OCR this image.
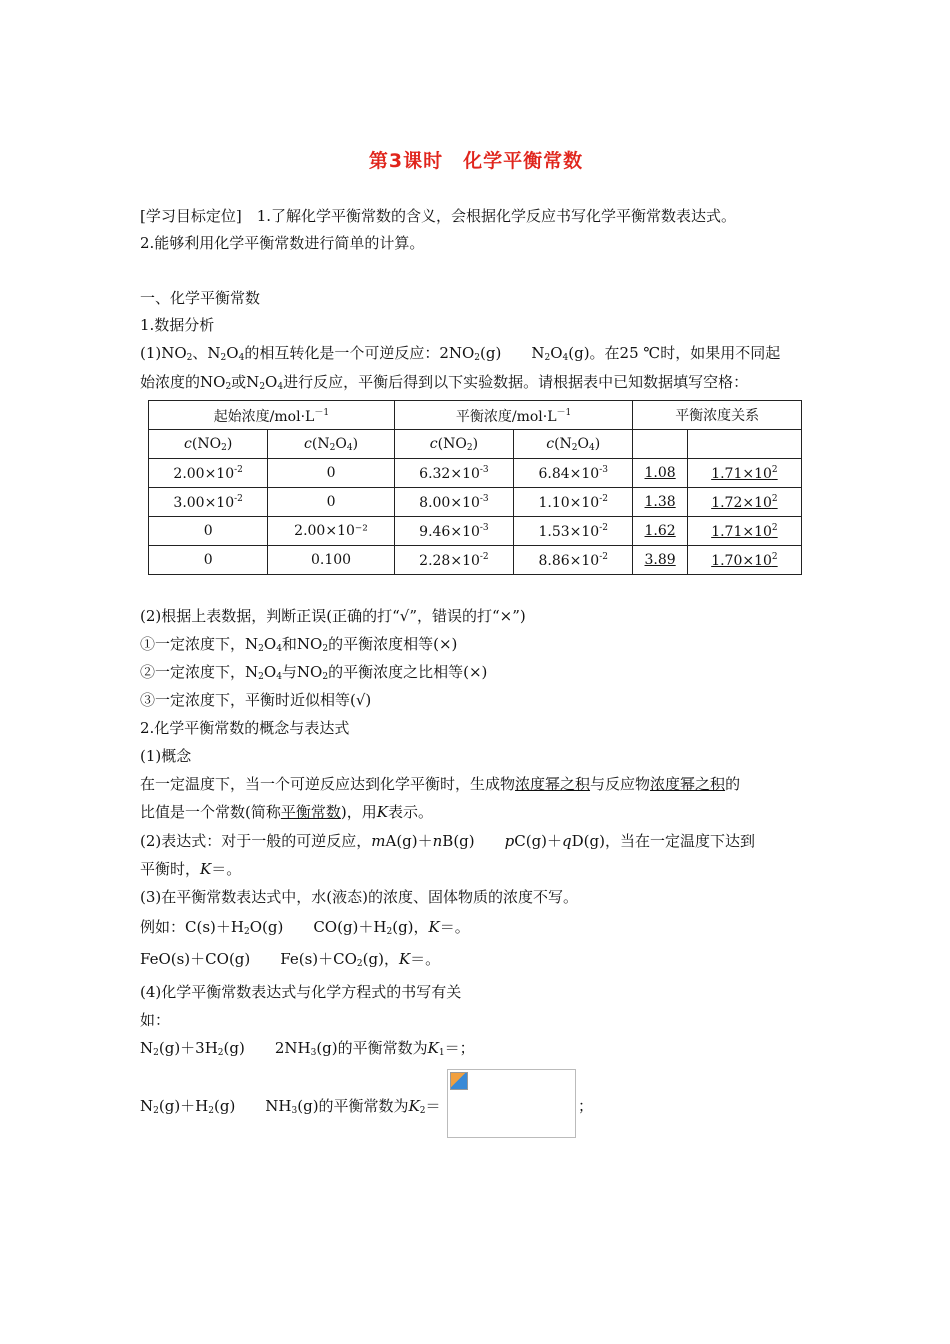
第3课时　化学平衡常数
[学习目标定位]　1.了解化学平衡常数的含义，会根据化学反应书写化学平衡常数表达式。
2.能够利用化学平衡常数进行简单的计算。
一、化学平衡常数
1.数据分析
$(1)NO_2$、$N_2O_4$的相互转化是一个可逆反应：$2NO_2(g)$ $N_2O_4(g)$。在25 ℃时，如果用不同起
始浓度的$NO_2$或$N_2O_4$进行反应，平衡后得到以下实验数据。请根据表中已知数据填写空格：
起始浓度$/mol\cdot L^{-1}$		平衡浓度$/mol\cdot L^{-1}$		平衡浓度关系	
$c(NO_2)$	$c(N_2O_4)$	$c(NO_2)$	$c(N_2O_4)$		
$2.00\times 10^{-2}$	0	$6.32\times 10^{-3}$	$6.84\times 10^{-3}$	1.08	$1.71\times 10^2$
$3.00\times 10^{-2}$	0	$8.00\times 10^{-3}$	$1.10\times 10^{-2}$	1.38	$1.72\times 10^2$
0	2.00×10⁻²	$9.46\times 10^{-3}$	$1.53\times 10^{-2}$	1.62	$1.71\times 10^2$
0	0.100	$2.28\times 10^{-2}$	$8.86\times 10^{-2}$	3.89	$1.70\times 10^2$
(2)根据上表数据，判断正误(正确的打“√”，错误的打“×”)
①一定浓度下，$N_2O_4$和$NO_2$的平衡浓度相等(×)
②一定浓度下，$N_2O_4$与$NO_2$的平衡浓度之比相等(×)
③一定浓度下，平衡时近似相等(√)
2.化学平衡常数的概念与表达式
(1)概念
在一定温度下，当一个可逆反应达到化学平衡时，生成物浓度幂之积与反应物浓度幂之积的
比值是一个常数(简称平衡常数)，用K表示。
(2)表达式：对于一般的可逆反应，mA(g)＋nB(g) pC(g)＋qD(g)，当在一定温度下达到
平衡时，K＝。
(3)在平衡常数表达式中，水(液态)的浓度、固体物质的浓度不写。
例如：$C(s)+H_2O(g)$ $CO(g)+H_2(g)$，K＝。
FeO(s)＋CO(g) $Fe(s)+CO_2(g)$，K＝。
(4)化学平衡常数表达式与化学方程式的书写有关
如：
$N_2(g)+3H_2(g)$ $2NH_3(g)$的平衡常数为$K_1=$；
$N_2(g)+H_2(g)$ $NH_3(g)$的平衡常数为$K_2=$	；
